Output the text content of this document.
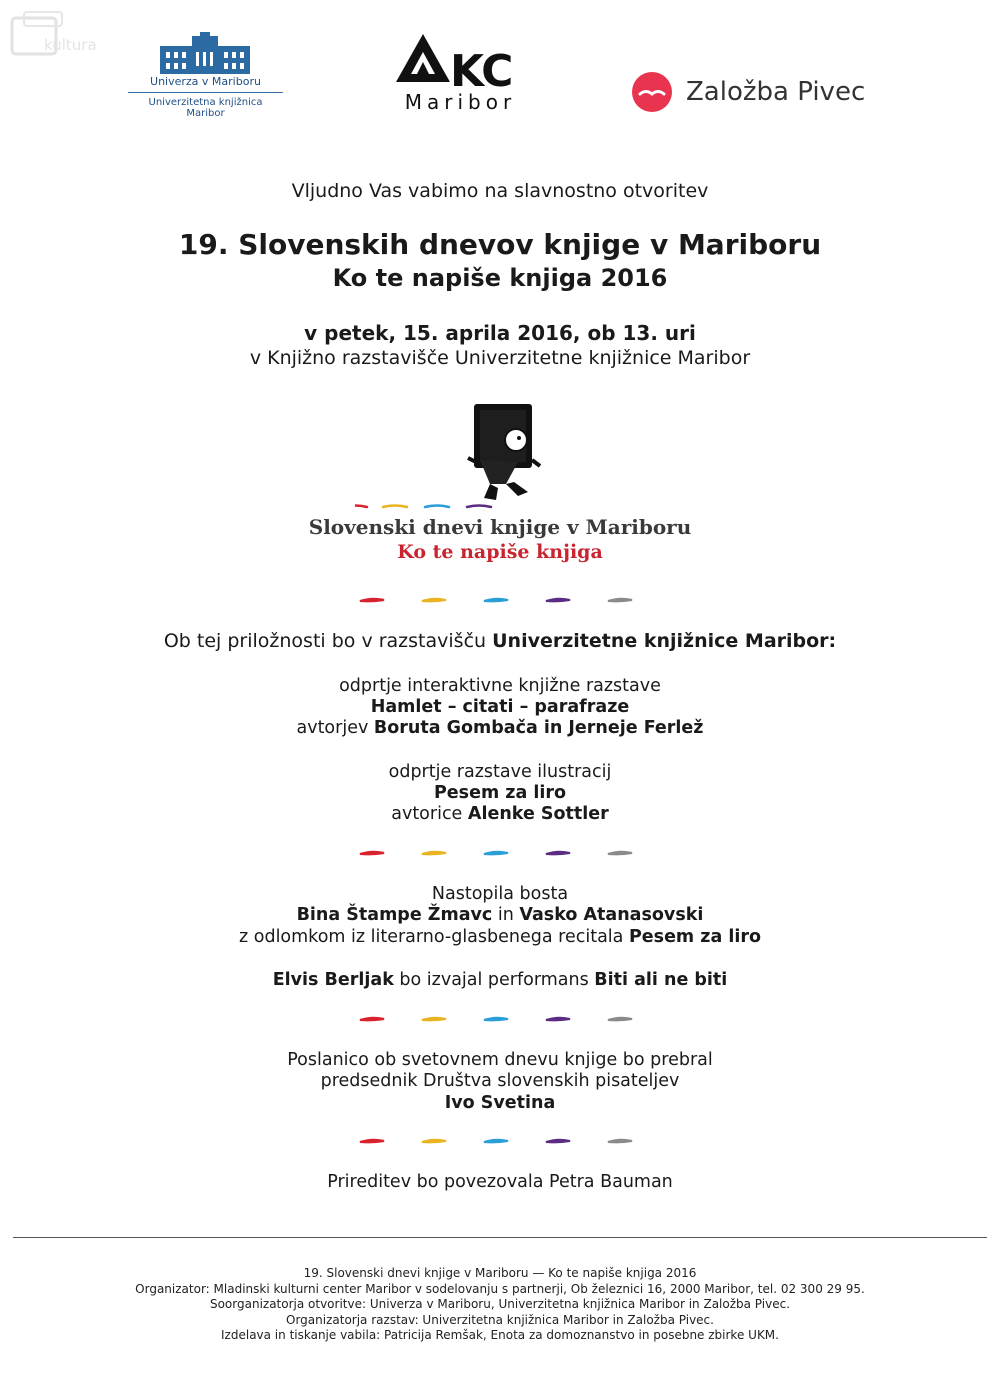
kultura
Univerza v Mariboru
Univerzitetna knjižnica Maribor
KC
Maribor	Založba Pivec
Vljudno Vas vabimo na slavnostno otvoritev
19. Slovenskih dnevov knjige v Mariboru
Ko te napiše knjiga 2016
v petek, 15. aprila 2016, ob 13. uri
v Knjižno razstavišče Univerzitetne knjižnice Maribor
Slovenski dnevi knjige v Mariboru
Ko te napiše knjiga
Ob tej priložnosti bo v razstavišču Univerzitetne knjižnice Maribor:
odprtje interaktivne knjižne razstave
Hamlet – citati – parafraze
avtorjev Boruta Gombača in Jerneje Ferlež
odprtje razstave ilustracij
Pesem za liro
avtorice Alenke Sottler
Nastopila bosta
Bina Štampe Žmavc in Vasko Atanasovski
z odlomkom iz literarno-glasbenega recitala Pesem za liro
Elvis Berljak bo izvajal performans Biti ali ne biti
Poslanico ob svetovnem dnevu knjige bo prebral
predsednik Društva slovenskih pisateljev
Ivo Svetina
Prireditev bo povezovala Petra Bauman
19. Slovenski dnevi knjige v Mariboru — Ko te napiše knjiga 2016
Organizator: Mladinski kulturni center Maribor v sodelovanju s partnerji, Ob železnici 16, 2000 Maribor, tel. 02 300 29 95.
Soorganizatorja otvoritve: Univerza v Mariboru, Univerzitetna knjižnica Maribor in Založba Pivec.
Organizatorja razstav: Univerzitetna knjižnica Maribor in Založba Pivec.
Izdelava in tiskanje vabila: Patricija Remšak, Enota za domoznanstvo in posebne zbirke UKM.
